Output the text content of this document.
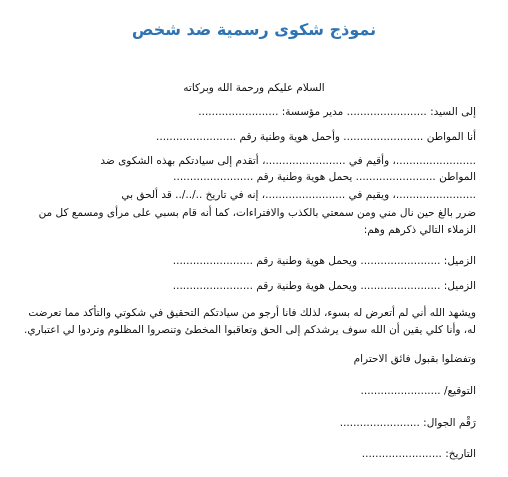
نموذج شكوى رسمية ضد شخص
السلام عليكم ورحمة الله وبركاته
إلى السيد: ........................ مدير مؤسسة: ........................
أنا المواطن ........................ وأحمل هوية وطنية رقم ........................
........................، وأقيم في ........................، أتقدم إلى سيادتكم بهذه الشكوى ضد
المواطن ........................ يحمل هوية وطنية رقم ........................
........................، ويقيم في ........................، إنه في تاريخ ../../.. قد ألحق بي
ضرر بالغ حين نال مني ومن سمعتي بالكذب والافتراءات، كما أنه قام بسبي على مرأى ومسمع كل من
الزملاء التالي ذكرهم وهم:
الزميل: ........................ ويحمل هوية وطنية رقم ........................
الزميل: ........................ ويحمل هوية وطنية رقم ........................
ويشهد الله أني لم أتعرض له بسوء، لذلك فانا أرجو من سيادتكم التحقيق في شكوتي والتأكد مما تعرضت له، وأنا كلي يقين أن الله سوف يرشدكم إلى الحق وتعاقبوا المخطئ وتنصروا المظلوم وتردوا لي اعتباري.
وتفضلوا بقبول فائق الاحترام
التوقيع/ ........................
رَقْم الجوال: ........................
التاريخ: ........................
